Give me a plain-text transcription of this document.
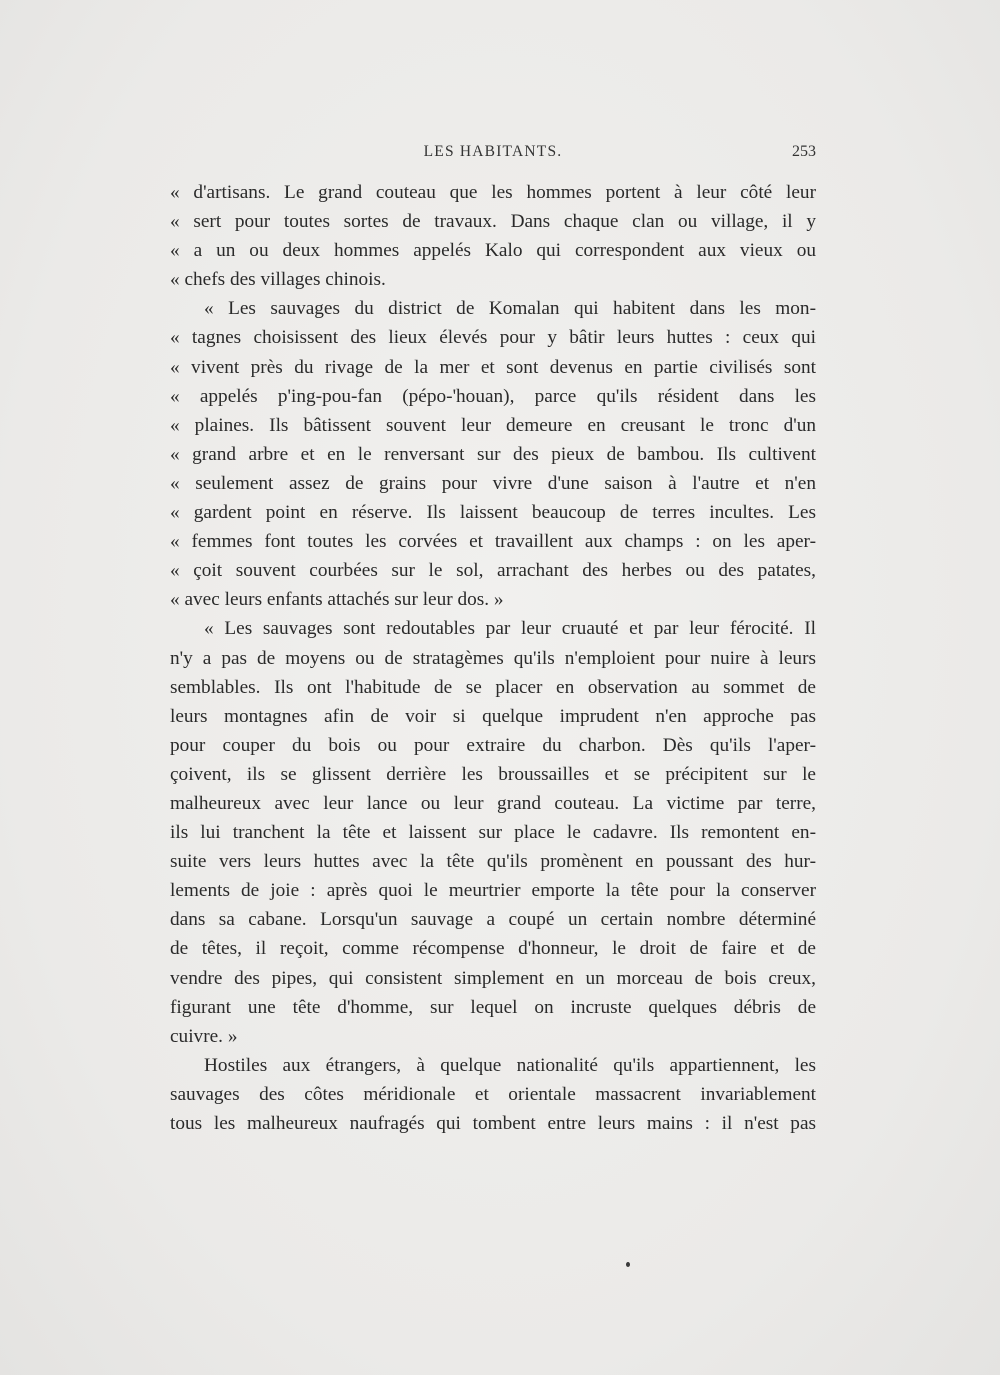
LES HABITANTS.	253
« d'artisans. Le grand couteau que les hommes portent à leur côté leur
« sert pour toutes sortes de travaux. Dans chaque clan ou village, il y
« a un ou deux hommes appelés Kalo qui correspondent aux vieux ou
« chefs des villages chinois.
« Les sauvages du district de Komalan qui habitent dans les mon-
« tagnes choisissent des lieux élevés pour y bâtir leurs huttes : ceux qui
« vivent près du rivage de la mer et sont devenus en partie civilisés sont
« appelés p'ing-pou-fan (pépo-'houan), parce qu'ils résident dans les
« plaines. Ils bâtissent souvent leur demeure en creusant le tronc d'un
« grand arbre et en le renversant sur des pieux de bambou. Ils cultivent
« seulement assez de grains pour vivre d'une saison à l'autre et n'en
« gardent point en réserve. Ils laissent beaucoup de terres incultes. Les
« femmes font toutes les corvées et travaillent aux champs : on les aper-
« çoit souvent courbées sur le sol, arrachant des herbes ou des patates,
« avec leurs enfants attachés sur leur dos. »
« Les sauvages sont redoutables par leur cruauté et par leur férocité. Il
n'y a pas de moyens ou de stratagèmes qu'ils n'emploient pour nuire à leurs
semblables. Ils ont l'habitude de se placer en observation au sommet de
leurs montagnes afin de voir si quelque imprudent n'en approche pas
pour couper du bois ou pour extraire du charbon. Dès qu'ils l'aper-
çoivent, ils se glissent derrière les broussailles et se précipitent sur le
malheureux avec leur lance ou leur grand couteau. La victime par terre,
ils lui tranchent la tête et laissent sur place le cadavre. Ils remontent en-
suite vers leurs huttes avec la tête qu'ils promènent en poussant des hur-
lements de joie : après quoi le meurtrier emporte la tête pour la conserver
dans sa cabane. Lorsqu'un sauvage a coupé un certain nombre déterminé
de têtes, il reçoit, comme récompense d'honneur, le droit de faire et de
vendre des pipes, qui consistent simplement en un morceau de bois creux,
figurant une tête d'homme, sur lequel on incruste quelques débris de
cuivre. »
Hostiles aux étrangers, à quelque nationalité qu'ils appartiennent, les
sauvages des côtes méridionale et orientale massacrent invariablement
tous les malheureux naufragés qui tombent entre leurs mains : il n'est pas
